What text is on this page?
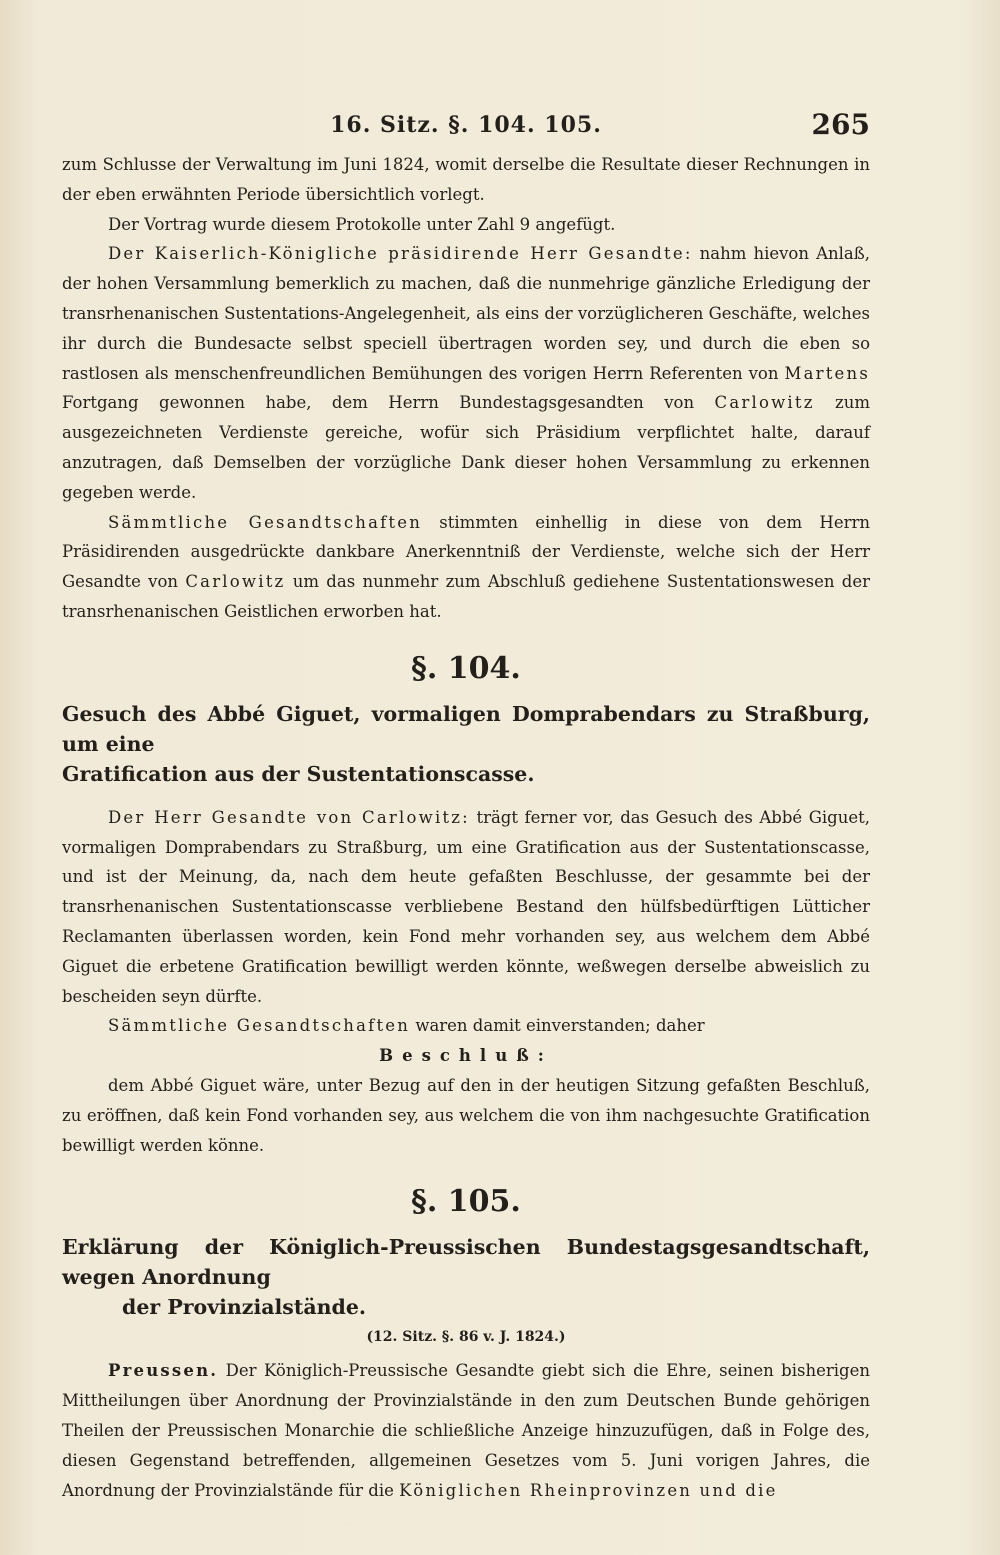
16. Sitz. §. 104. 105.	265

zum Schlusse der Verwaltung im Juni 1824, womit derselbe die Resultate dieser Rechnungen in der eben erwähnten Periode übersichtlich vorlegt.

Der Vortrag wurde diesem Protokolle unter Zahl 9 angefügt.

Der Kaiserlich-Königliche präsidirende Herr Gesandte: nahm hievon Anlaß, der hohen Versammlung bemerklich zu machen, daß die nunmehrige gänzliche Erledigung der transrhenanischen Sustentations-Angelegenheit, als eins der vorzüglicheren Geschäfte, welches ihr durch die Bundesacte selbst speciell übertragen worden sey, und durch die eben so rastlosen als menschenfreundlichen Bemühungen des vorigen Herrn Referenten von Martens Fortgang gewonnen habe, dem Herrn Bundestagsgesandten von Carlowitz zum ausgezeichneten Verdienste gereiche, wofür sich Präsidium verpflichtet halte, darauf anzutragen, daß Demselben der vorzügliche Dank dieser hohen Versammlung zu erkennen gegeben werde.

Sämmtliche Gesandtschaften stimmten einhellig in diese von dem Herrn Präsidirenden ausgedrückte dankbare Anerkenntniß der Verdienste, welche sich der Herr Gesandte von Carlowitz um das nunmehr zum Abschluß gediehene Sustentationswesen der transrhenanischen Geistlichen erworben hat.

§. 104.
Gesuch des Abbé Giguet, vormaligen Domprabendars zu Straßburg, um eine
Gratification aus der Sustentationscasse.

Der Herr Gesandte von Carlowitz: trägt ferner vor, das Gesuch des Abbé Giguet, vormaligen Domprabendars zu Straßburg, um eine Gratification aus der Sustentationscasse, und ist der Meinung, da, nach dem heute gefaßten Beschlusse, der gesammte bei der transrhenanischen Sustentationscasse verbliebene Bestand den hülfsbedürftigen Lütticher Reclamanten überlassen worden, kein Fond mehr vorhanden sey, aus welchem dem Abbé Giguet die erbetene Gratification bewilligt werden könnte, weßwegen derselbe abweislich zu bescheiden seyn dürfte.

Sämmtliche Gesandtschaften waren damit einverstanden; daher

Beschluß:

dem Abbé Giguet wäre, unter Bezug auf den in der heutigen Sitzung gefaßten Beschluß, zu eröffnen, daß kein Fond vorhanden sey, aus welchem die von ihm nachgesuchte Gratification bewilligt werden könne.

§. 105.
Erklärung der Königlich-Preussischen Bundestagsgesandtschaft, wegen Anordnung
der Provinzialstände.
(12. Sitz. §. 86 v. J. 1824.)

Preussen. Der Königlich-Preussische Gesandte giebt sich die Ehre, seinen bisherigen Mittheilungen über Anordnung der Provinzialstände in den zum Deutschen Bunde gehörigen Theilen der Preussischen Monarchie die schließliche Anzeige hinzuzufügen, daß in Folge des, diesen Gegenstand betreffenden, allgemeinen Gesetzes vom 5. Juni vorigen Jahres, die Anordnung der Provinzialstände für die Königlichen Rheinprovinzen und die
